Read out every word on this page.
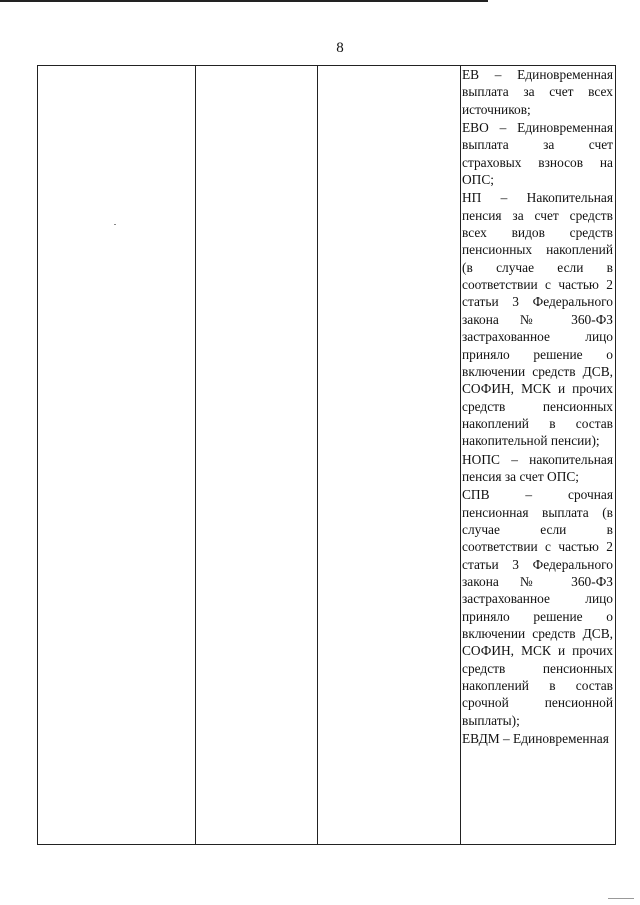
8

ЕВ – Единовременная выплата за счет всех источников;

ЕВО – Единовременная выплата за счет страховых взносов на ОПС;

НП – Накопительная пенсия за счет средств всех видов средств пенсионных накоплений (в случае если в соответствии с частью 2 статьи 3 Федерального закона № 360-ФЗ застрахованное лицо приняло решение о включении средств ДСВ, СОФИН, МСК и прочих средств пенсионных накоплений в состав накопительной пенсии);

НОПС – накопительная пенсия за счет ОПС;

СПВ – срочная пенсионная выплата (в случае если в соответствии с частью 2 статьи 3 Федерального закона № 360-ФЗ застрахованное лицо приняло решение о включении средств ДСВ, СОФИН, МСК и прочих средств пенсионных накоплений в состав срочной пенсионной выплаты);

ЕВДМ – Единовременная
